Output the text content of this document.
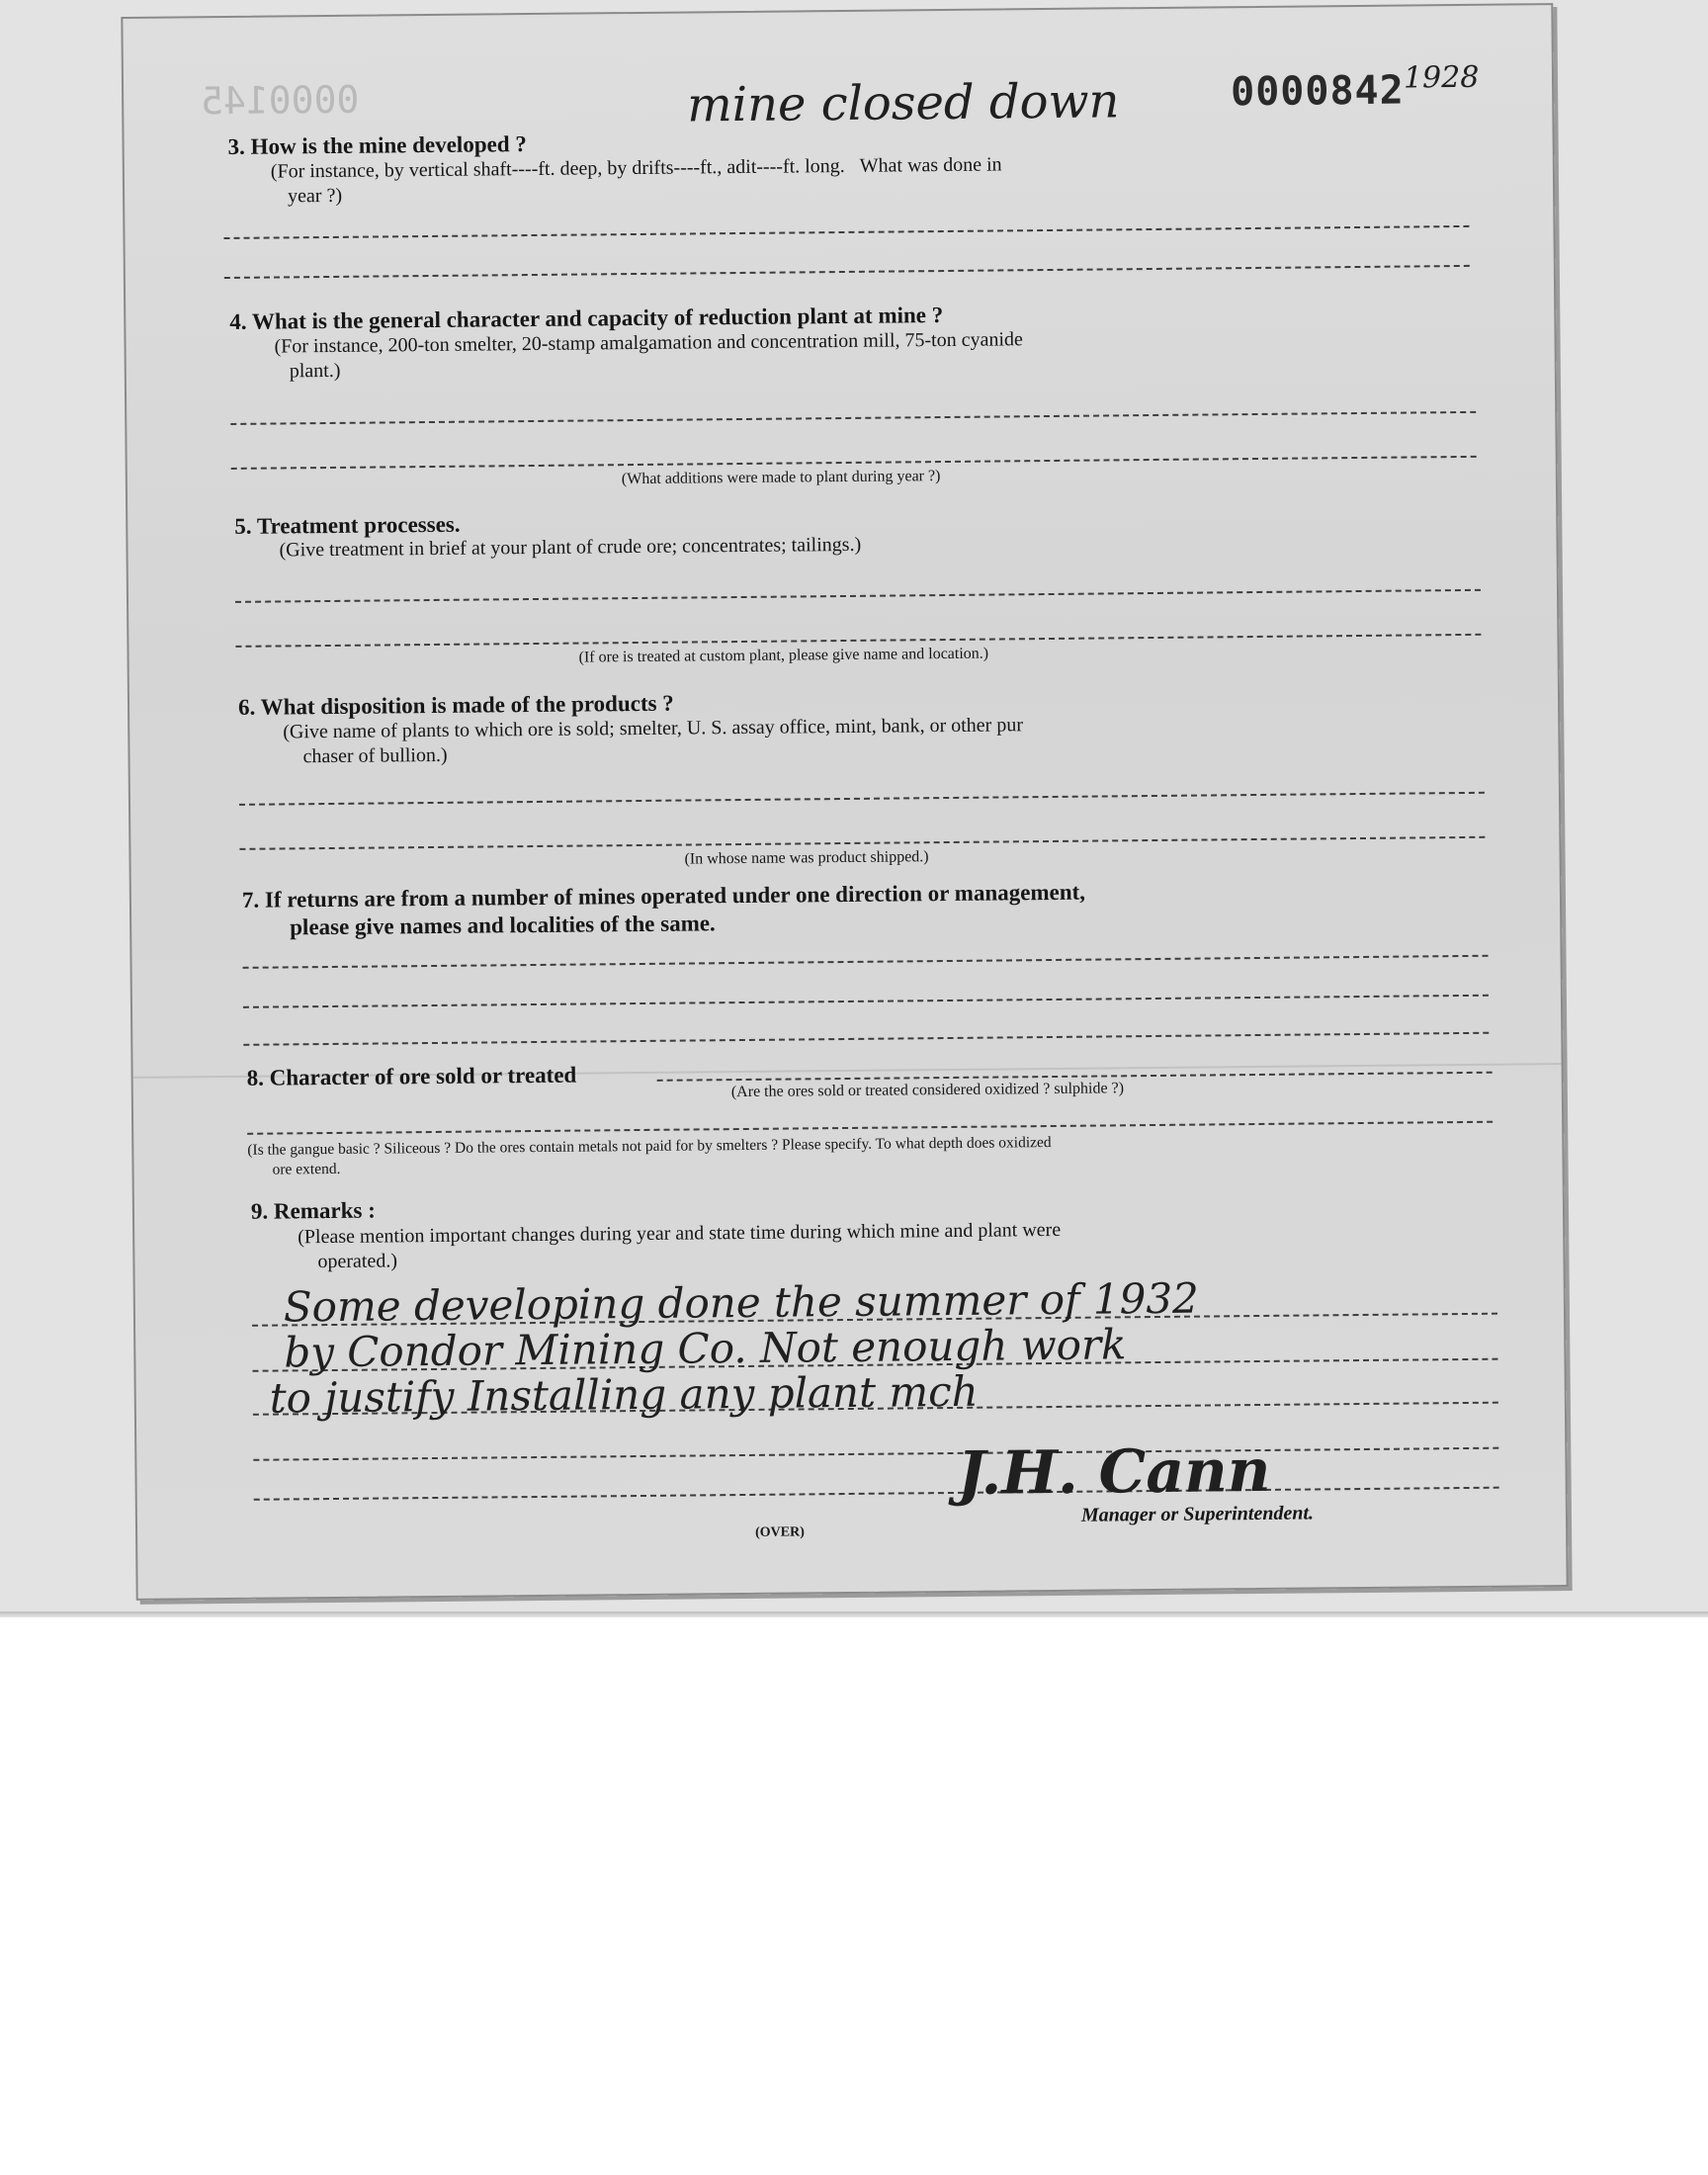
0000145	mine closed down	0000842
1928
3. How is the mine developed ?
(For instance, by vertical shaft----ft. deep, by drifts----ft., adit----ft. long. What was done in
year ?)
4. What is the general character and capacity of reduction plant at mine ?
(For instance, 200-ton smelter, 20-stamp amalgamation and concentration mill, 75-ton cyanide
plant.)
(What additions were made to plant during year ?)
5. Treatment processes.
(Give treatment in brief at your plant of crude ore; concentrates; tailings.)
(If ore is treated at custom plant, please give name and location.)
6. What disposition is made of the products ?
(Give name of plants to which ore is sold; smelter, U. S. assay office, mint, bank, or other pur
chaser of bullion.)
(In whose name was product shipped.)
7. If returns are from a number of mines operated under one direction or management,
please give names and localities of the same.
8. Character of ore sold or treated	(Are the ores sold or treated considered oxidized ? sulphide ?)
(Is the gangue basic ? Siliceous ? Do the ores contain metals not paid for by smelters ? Please specify. To what depth does oxidized
ore extend.
9. Remarks :
(Please mention important changes during year and state time during which mine and plant were
operated.)
Some developing done the summer of 1932
by Condor Mining Co. Not enough work
to justify Installing any plant mch
(OVER)
J.H. Cann
Manager or Superintendent.
